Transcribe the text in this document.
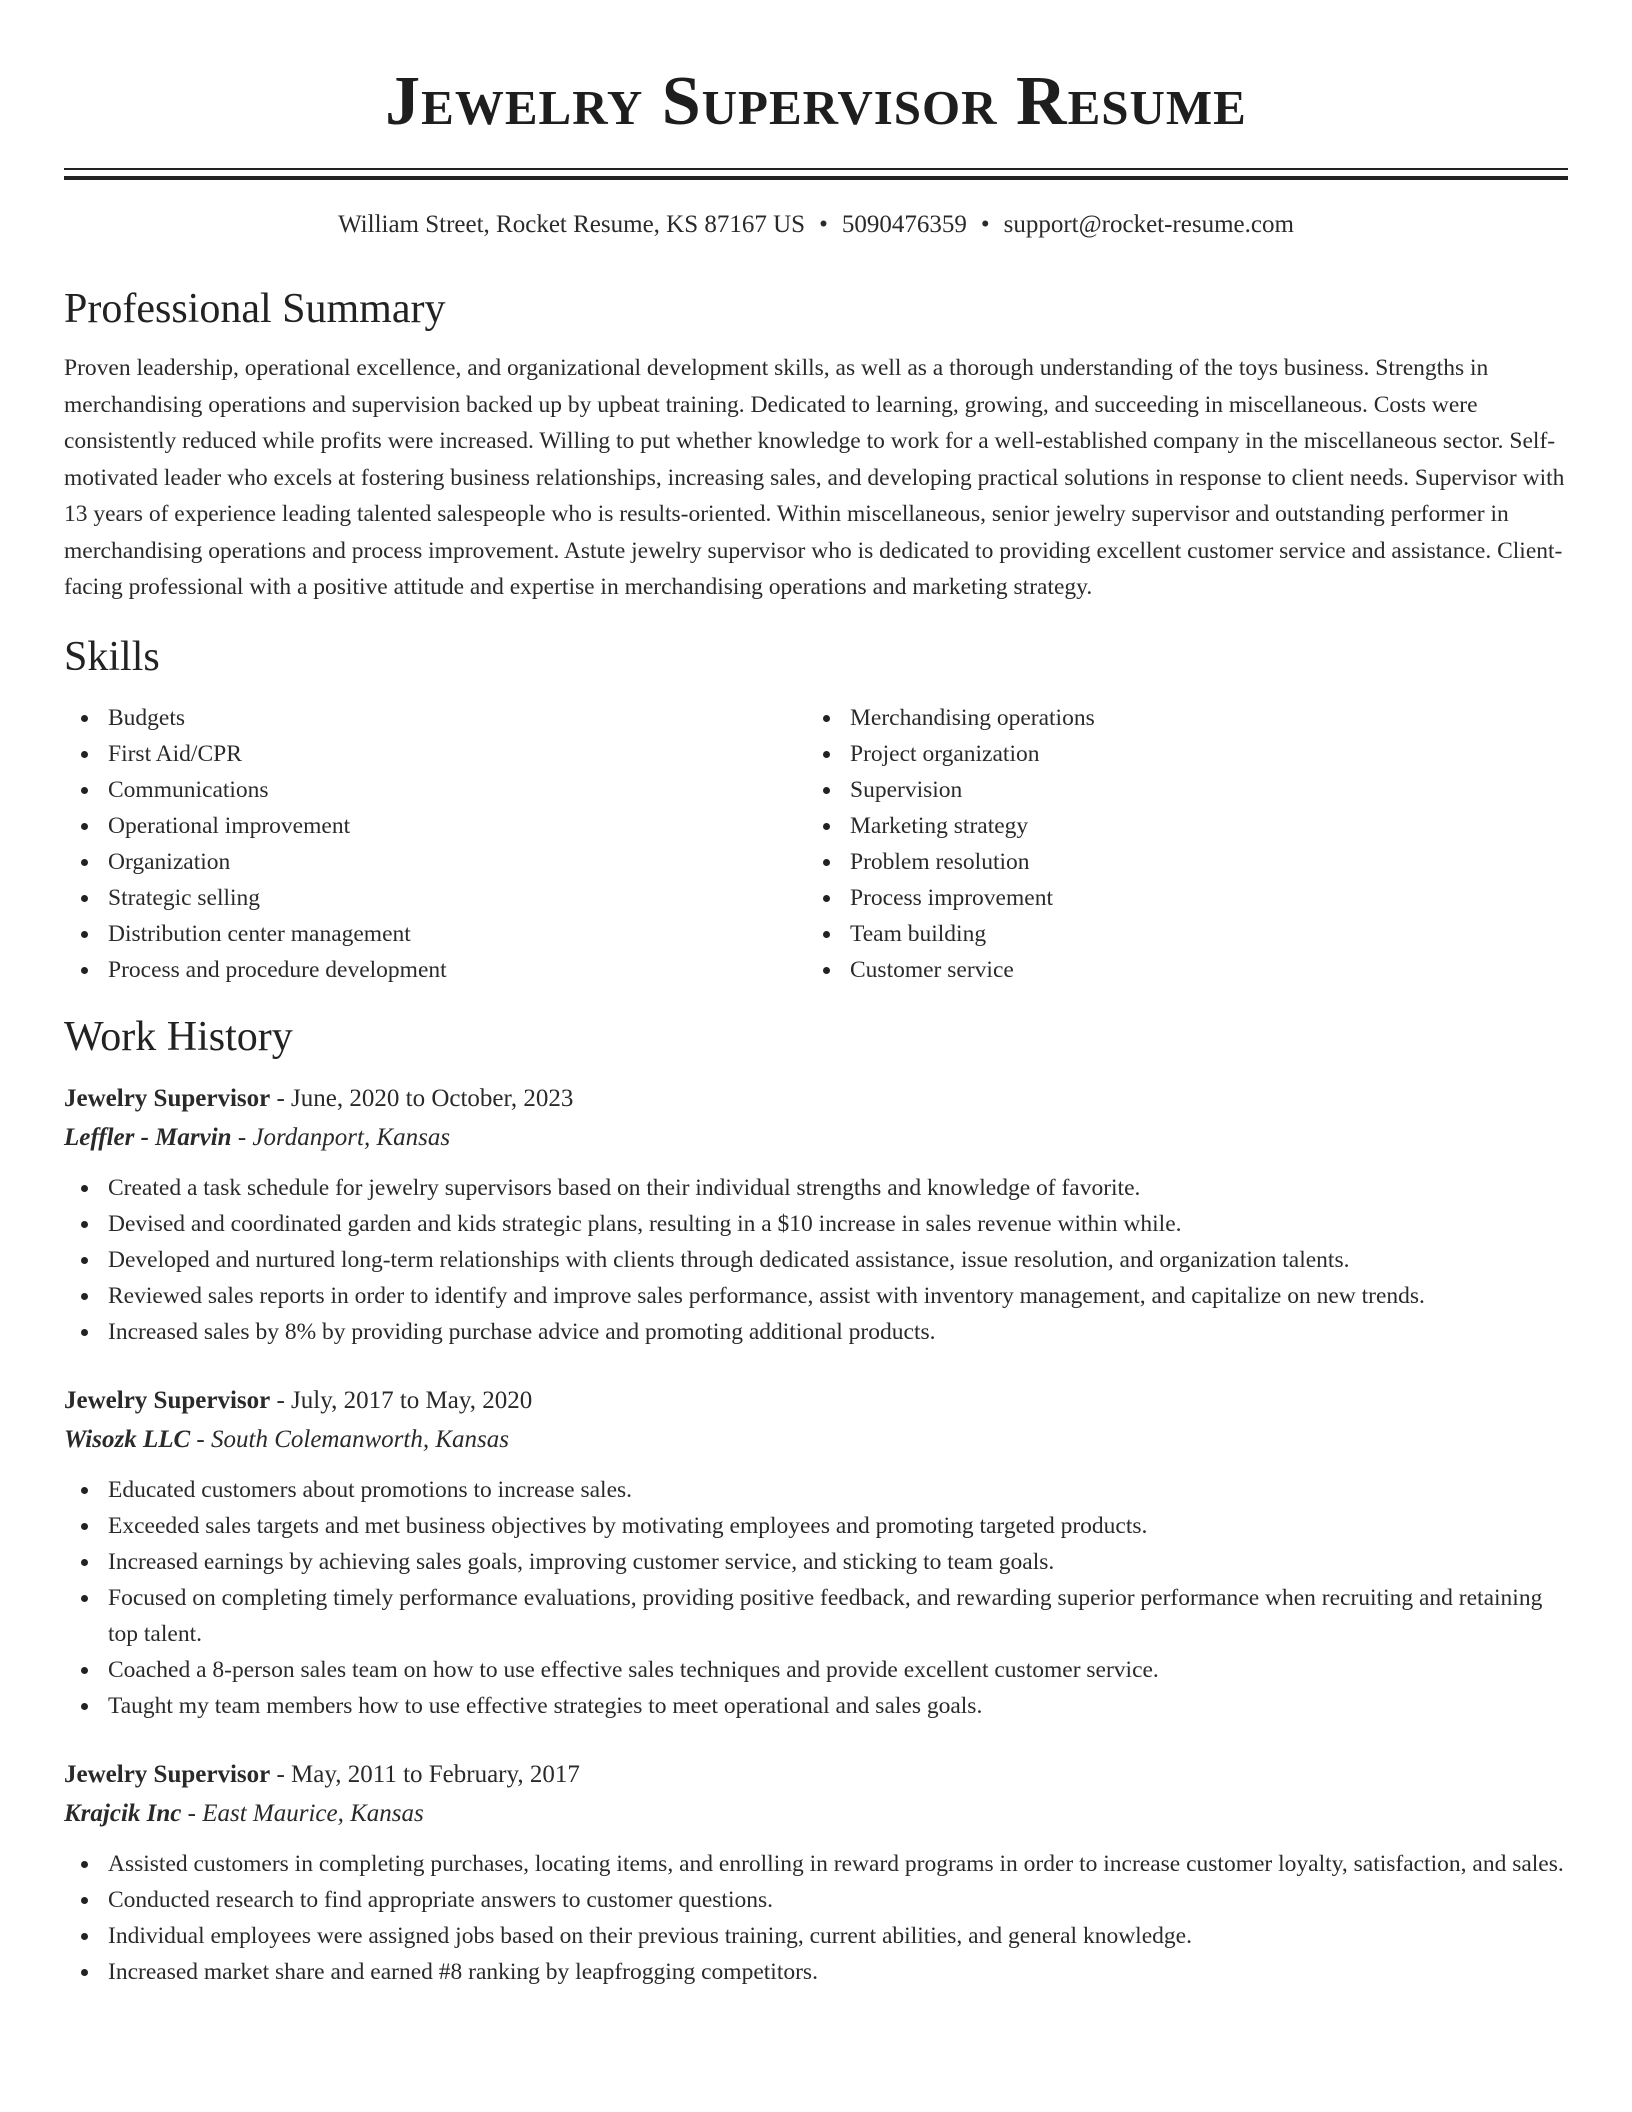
Jewelry Supervisor Resume
William Street, Rocket Resume, KS 87167 US • 5090476359 • support@rocket-resume.com
Professional Summary

Proven leadership, operational excellence, and organizational development skills, as well as a thorough understanding of the toys business. Strengths in merchandising operations and supervision backed up by upbeat training. Dedicated to learning, growing, and succeeding in miscellaneous. Costs were consistently reduced while profits were increased. Willing to put whether knowledge to work for a well-established company in the miscellaneous sector. Self-motivated leader who excels at fostering business relationships, increasing sales, and developing practical solutions in response to client needs. Supervisor with 13 years of experience leading talented salespeople who is results-oriented. Within miscellaneous, senior jewelry supervisor and outstanding performer in merchandising operations and process improvement. Astute jewelry supervisor who is dedicated to providing excellent customer service and assistance. Client-facing professional with a positive attitude and expertise in merchandising operations and marketing strategy.

Skills
Budgets
First Aid/CPR
Communications
Operational improvement
Organization
Strategic selling
Distribution center management
Process and procedure development
Merchandising operations
Project organization
Supervision
Marketing strategy
Problem resolution
Process improvement
Team building
Customer service
Work History
Jewelry Supervisor - June, 2020 to October, 2023
Leffler - Marvin - Jordanport, Kansas
Created a task schedule for jewelry supervisors based on their individual strengths and knowledge of favorite.
Devised and coordinated garden and kids strategic plans, resulting in a $10 increase in sales revenue within while.
Developed and nurtured long-term relationships with clients through dedicated assistance, issue resolution, and organization talents.
Reviewed sales reports in order to identify and improve sales performance, assist with inventory management, and capitalize on new trends.
Increased sales by 8% by providing purchase advice and promoting additional products.
Jewelry Supervisor - July, 2017 to May, 2020
Wisozk LLC - South Colemanworth, Kansas
Educated customers about promotions to increase sales.
Exceeded sales targets and met business objectives by motivating employees and promoting targeted products.
Increased earnings by achieving sales goals, improving customer service, and sticking to team goals.
Focused on completing timely performance evaluations, providing positive feedback, and rewarding superior performance when recruiting and retaining top talent.
Coached a 8-person sales team on how to use effective sales techniques and provide excellent customer service.
Taught my team members how to use effective strategies to meet operational and sales goals.
Jewelry Supervisor - May, 2011 to February, 2017
Krajcik Inc - East Maurice, Kansas
Assisted customers in completing purchases, locating items, and enrolling in reward programs in order to increase customer loyalty, satisfaction, and sales.
Conducted research to find appropriate answers to customer questions.
Individual employees were assigned jobs based on their previous training, current abilities, and general knowledge.
Increased market share and earned #8 ranking by leapfrogging competitors.
